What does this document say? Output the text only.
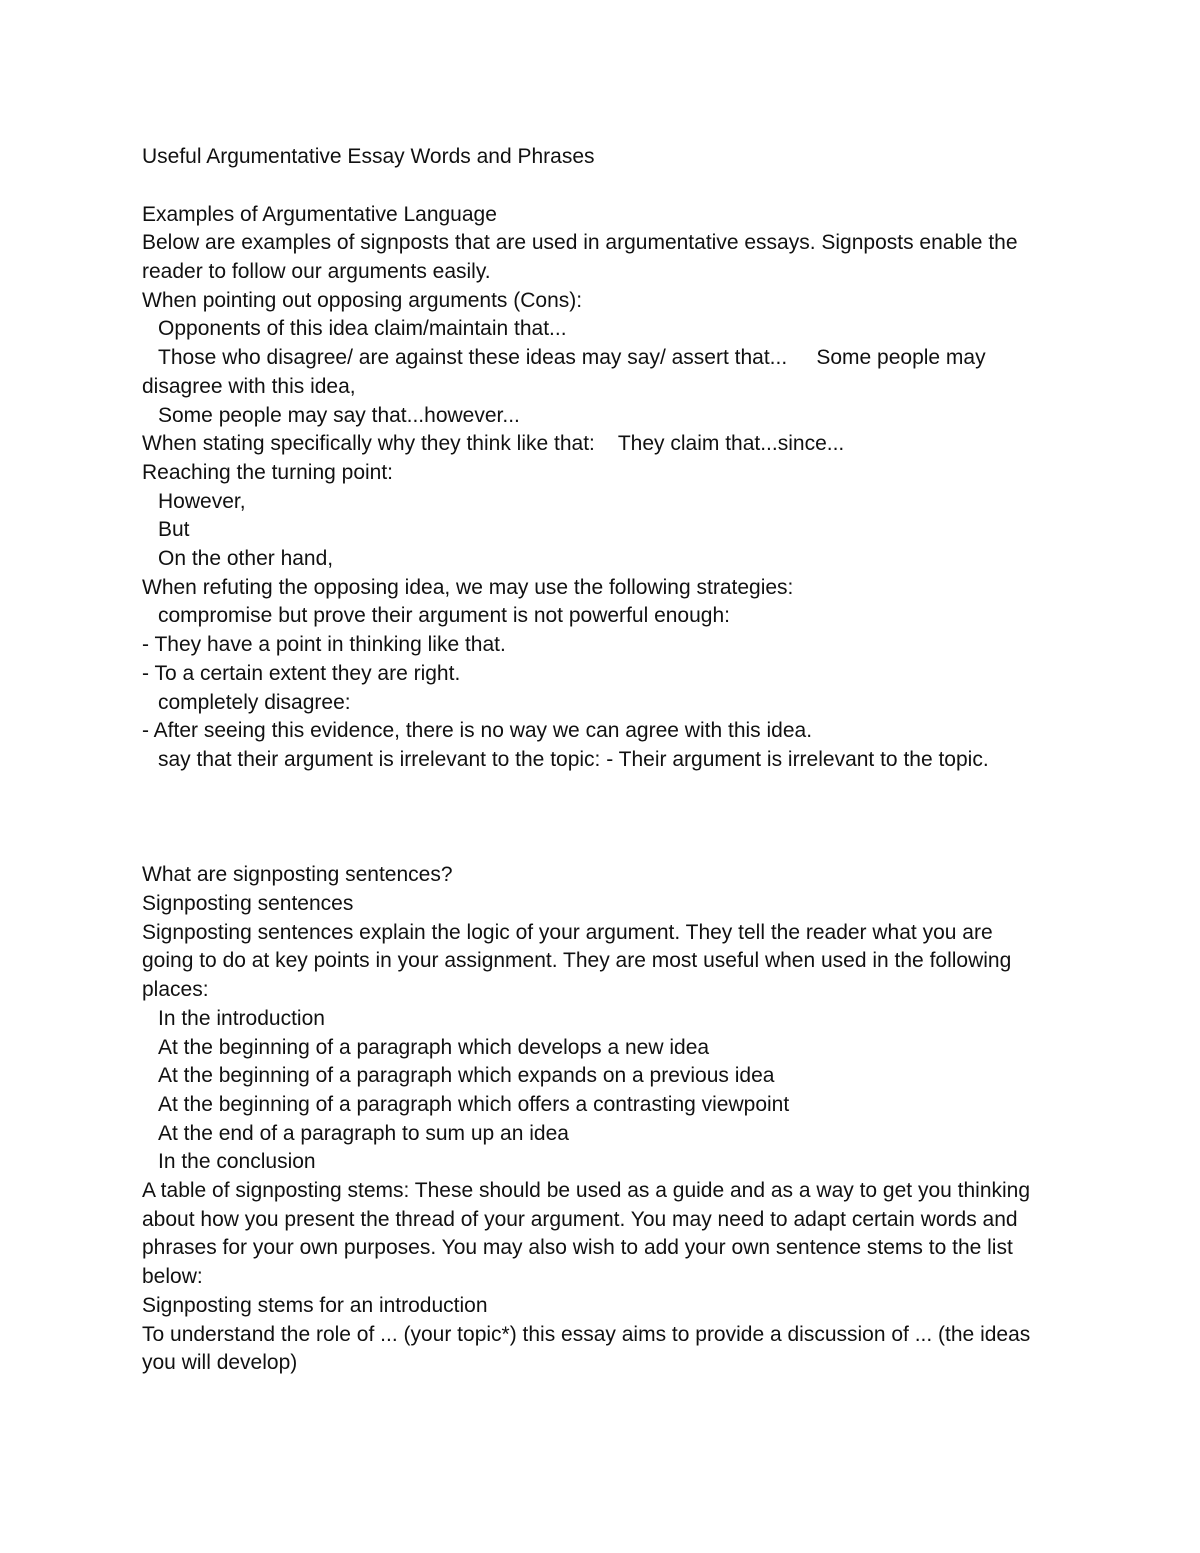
Useful Argumentative Essay Words and Phrases
Examples of Argumentative Language
Below are examples of signposts that are used in argumentative essays. Signposts enable the
reader to follow our arguments easily.
When pointing out opposing arguments (Cons):
Opponents of this idea claim/maintain that...
Those who disagree/ are against these ideas may say/ assert that...     Some people may
disagree with this idea,
Some people may say that...however...
When stating specifically why they think like that:    They claim that...since...
Reaching the turning point:
However,
But
On the other hand,
When refuting the opposing idea, we may use the following strategies:
compromise but prove their argument is not powerful enough:
- They have a point in thinking like that.
- To a certain extent they are right.
completely disagree:
- After seeing this evidence, there is no way we can agree with this idea.
say that their argument is irrelevant to the topic: - Their argument is irrelevant to the topic.
What are signposting sentences?
Signposting sentences
Signposting sentences explain the logic of your argument. They tell the reader what you are
going to do at key points in your assignment. They are most useful when used in the following
places:
In the introduction
At the beginning of a paragraph which develops a new idea
At the beginning of a paragraph which expands on a previous idea
At the beginning of a paragraph which offers a contrasting viewpoint
At the end of a paragraph to sum up an idea
In the conclusion
A table of signposting stems: These should be used as a guide and as a way to get you thinking
about how you present the thread of your argument. You may need to adapt certain words and
phrases for your own purposes. You may also wish to add your own sentence stems to the list
below:
Signposting stems for an introduction
To understand the role of ... (your topic*) this essay aims to provide a discussion of ... (the ideas
you will develop)
